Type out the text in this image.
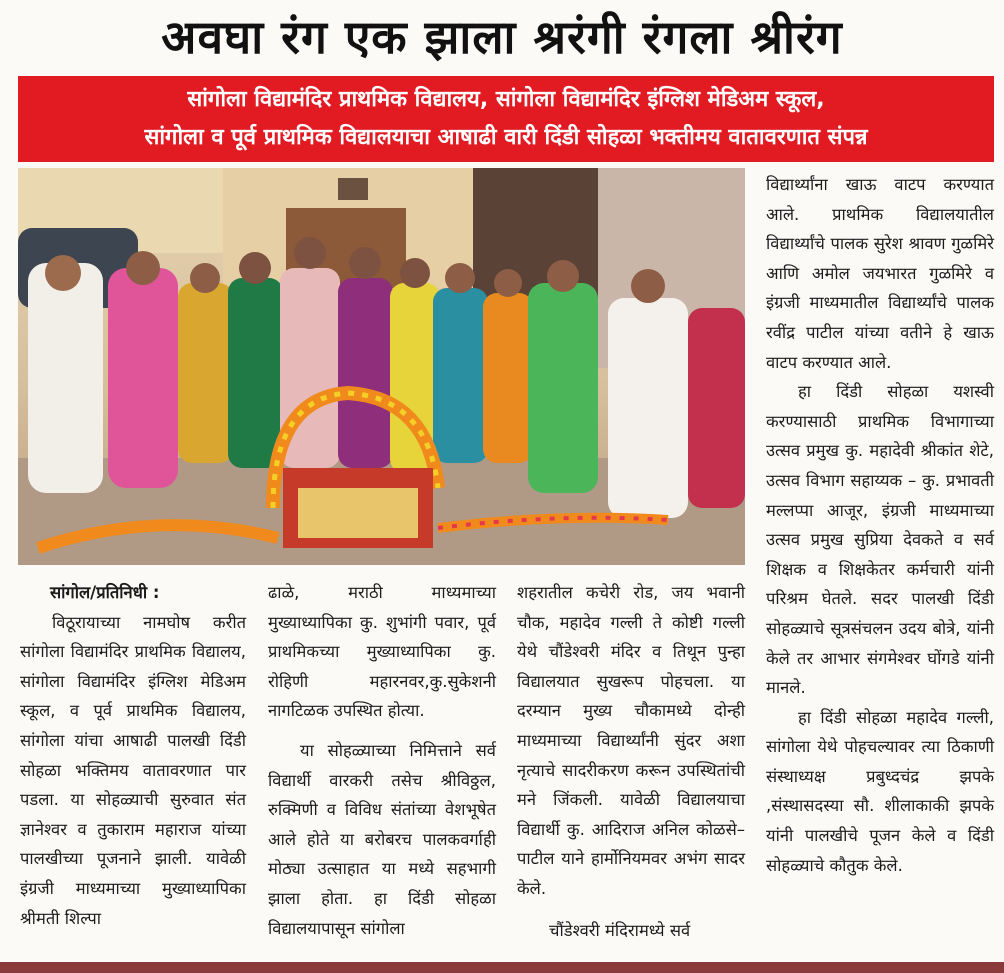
अवघा रंग एक झाला श्ररंगी रंगला श्रीरंग
सांगोला विद्यामंदिर प्राथमिक विद्यालय, सांगोला विद्यामंदिर इंग्लिश मेडिअम स्कूल,
सांगोला व पूर्व प्राथमिक विद्यालयाचा आषाढी वारी दिंडी सोहळा भक्तीमय वातावरणात संपन्न

सांगोल/प्रतिनिधी :

विठूरायाच्या नामघोष करीत सांगोला विद्यामंदिर प्राथमिक विद्यालय, सांगोला विद्यामंदिर इंग्लिश मेडिअम स्कूल, व पूर्व प्राथमिक विद्यालय, सांगोला यांचा आषाढी पालखी दिंडी सोहळा भक्तिमय वातावरणात पार पडला. या सोहळ्याची सुरुवात संत ज्ञानेश्वर व तुकाराम महाराज यांच्या पालखीच्या पूजनाने झाली. यावेळी इंग्रजी माध्यमाच्या मुख्याध्यापिका श्रीमती शिल्पा

ढाळे, मराठी माध्यमाच्या मुख्याध्यापिका कु. शुभांगी पवार, पूर्व प्राथमिकच्या मुख्याध्यापिका कु. रोहिणी महारनवर,कु.सुकेशनी नागटिळक उपस्थित होत्या.

या सोहळ्याच्या निमित्ताने सर्व विद्यार्थी वारकरी तसेच श्रीविठ्ठल, रुक्मिणी व विविध संतांच्या वेशभूषेत आले होते या बरोबरच पालकवर्गाही मोठ्या उत्साहात या मध्ये सहभागी झाला होता. हा दिंडी सोहळा विद्यालयापासून सांगोला

शहरातील कचेरी रोड, जय भवानी चौक, महादेव गल्ली ते कोष्टी गल्ली येथे चौंडेश्वरी मंदिर व तिथून पुन्हा विद्यालयात सुखरूप पोहचला. या दरम्यान मुख्य चौकामध्ये दोन्ही माध्यमाच्या विद्यार्थ्यांनी सुंदर अशा नृत्याचे सादरीकरण करून उपस्थितांची मने जिंकली. यावेळी विद्यालयाचा विद्यार्थी कु. आदिराज अनिल कोळसे–पाटील याने हार्मोनियमवर अभंग सादर केले.

चौंडेश्वरी मंदिरामध्ये सर्व

विद्यार्थ्यांना खाऊ वाटप करण्यात आले. प्राथमिक विद्यालयातील विद्यार्थ्यांचे पालक सुरेश श्रावण गुळमिरे आणि अमोल जयभारत गुळमिरे व इंग्रजी माध्यमातील विद्यार्थ्यांचे पालक रवींद्र पाटील यांच्या वतीने हे खाऊ वाटप करण्यात आले.

हा दिंडी सोहळा यशस्वी करण्यासाठी प्राथमिक विभागाच्या उत्सव प्रमुख कु. महादेवी श्रीकांत शेटे, उत्सव विभाग सहाय्यक – कु. प्रभावती मल्लप्पा आजूर, इंग्रजी माध्यमाच्या उत्सव प्रमुख सुप्रिया देवकते व सर्व शिक्षक व शिक्षकेतर कर्मचारी यांनी परिश्रम घेतले. सदर पालखी दिंडी सोहळ्याचे सूत्रसंचलन उदय बोत्रे, यांनी केले तर आभार संगमेश्वर घोंगडे यांनी मानले.

हा दिंडी सोहळा महादेव गल्ली, सांगोला येथे पोहचल्यावर त्या ठिकाणी संस्थाध्यक्ष प्रबुध्दचंद्र झपके ,संस्थासदस्या सौ. शीलाकाकी झपके यांनी पालखीचे पूजन केले व दिंडी सोहळ्याचे कौतुक केले.
